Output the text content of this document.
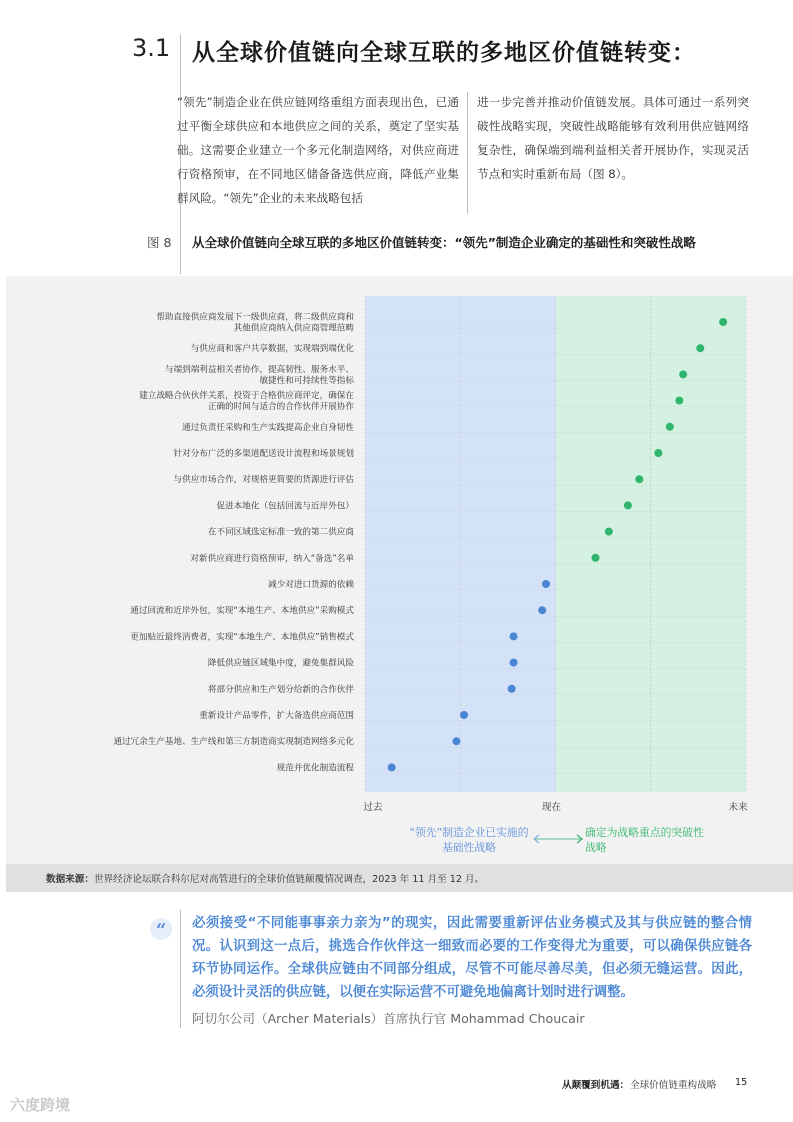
3.1 从全球价值链向全球互联的多地区价值链转变：
“领先”制造企业在供应链网络重组方面表现出色，已通过平衡全球供应和本地供应之间的关系，奠定了坚实基础。这需要企业建立一个多元化制造网络，对供应商进行资格预审，在不同地区储备备选供应商，降低产业集群风险。“领先”企业的未来战略包括
进一步完善并推动价值链发展。具体可通过一系列突破性战略实现，突破性战略能够有效利用供应链网络复杂性，确保端到端利益相关者开展协作，实现灵活节点和实时重新布局（图 8）。
图 8 从全球价值链向全球互联的多地区价值链转变：“领先”制造企业确定的基础性和突破性战略
帮助直接供应商发展下一级供应商，将二级供应商和
其他供应商纳入供应商管理范畴
与供应商和客户共享数据，实现端到端优化
与端到端利益相关者协作，提高韧性、服务水平、
敏捷性和可持续性等指标
建立战略合伙伙伴关系，投资于合格供应商评定，确保在
正确的时间与适合的合作伙伴开展协作
通过负责任采购和生产实践提高企业自身韧性
针对分布广泛的多渠道配送设计流程和场景规划
与供应市场合作，对规格更简要的货源进行评估
促进本地化（包括回流与近岸外包）
在不同区域选定标准一致的第二供应商
对新供应商进行资格预审，纳入“备选”名单
减少对进口货源的依赖
通过回流和近岸外包，实现“本地生产、本地供应”采购模式
更加贴近最终消费者，实现“本地生产、本地供应”销售模式
降低供应链区域集中度，避免集群风险
将部分供应和生产划分给新的合作伙伴
重新设计产品零件，扩大备选供应商范围
通过冗余生产基地、生产线和第三方制造商实现制造网络多元化
规范并优化制造流程
过去	现在	未来
“领先”制造企业已实施的基础性战略
确定为战略重点的突破性战略
数据来源：世界经济论坛联合科尔尼对高管进行的全球价值链颠覆情况调查，2023 年 11 月至 12 月。
“	必须接受“不同能事事亲力亲为”的现实，因此需要重新评估业务模式及其与供应链的整合情况。认识到这一点后，挑选合作伙伴这一细致而必要的工作变得尤为重要，可以确保供应链各环节协同运作。全球供应链由不同部分组成，尽管不可能尽善尽美，但必须无缝运营。因此，必须设计灵活的供应链，以便在实际运营不可避免地偏离计划时进行调整。
阿切尔公司（Archer Materials）首席执行官 Mohammad Choucair
从颠覆到机遇： 全球价值链重构战略 15
六度跨境
